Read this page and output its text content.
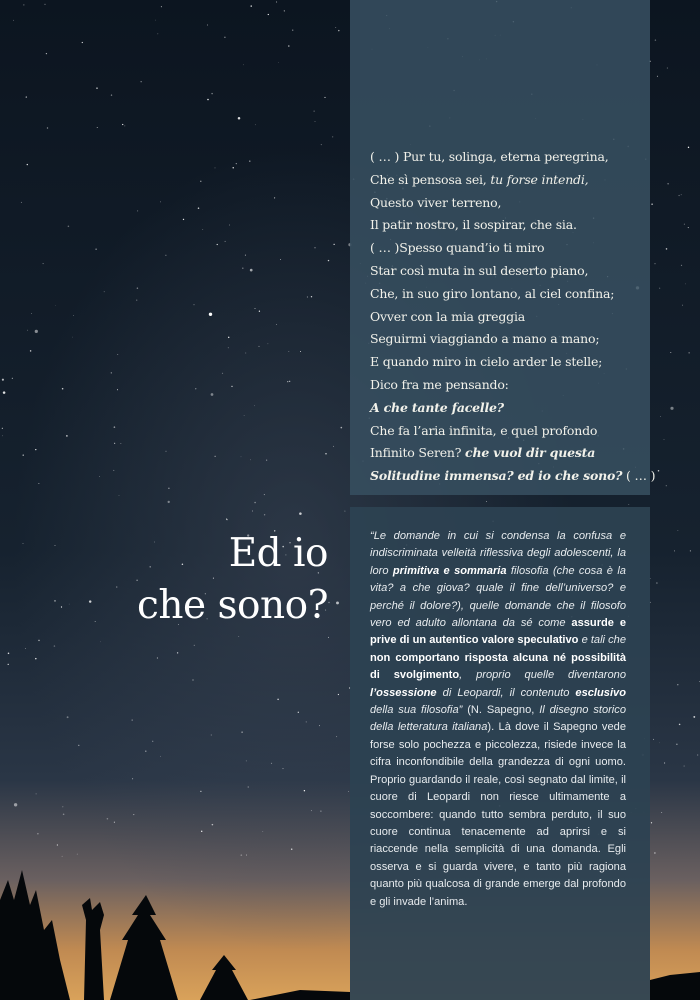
( … ) Pur tu, solinga, eterna peregrina,
Che sì pensosa sei, tu forse intendi,
Questo viver terreno,
Il patir nostro, il sospirar, che sia.
( … )Spesso quand’io ti miro
Star così muta in sul deserto piano,
Che, in suo giro lontano, al ciel confina;
Ovver con la mia greggia
Seguirmi viaggiando a mano a mano;
E quando miro in cielo arder le stelle;
Dico fra me pensando:
A che tante facelle?
Che fa l’aria infinita, e quel profondo
Infinito Seren? che vuol dir questa
Solitudine immensa? ed io che sono? ( … )
Ed io
che sono?
“Le domande in cui si condensa la confusa e indiscriminata velleità riflessiva degli adolescenti, la loro primitiva e sommaria filosofia (che cosa è la vita? a che giova? quale il fine dell’universo? e perché il dolore?), quelle domande che il filosofo vero ed adulto allontana da sé come assurde e prive di un autentico valore speculativo e tali che non comportano risposta alcuna né possibilità di svolgimento, proprio quelle diventarono l’ossessione di Leopardi, il contenuto esclusivo della sua filosofia” (N. Sapegno, Il disegno storico della letteratura italiana). Là dove il Sapegno vede forse solo pochezza e piccolezza, risiede invece la cifra inconfondibile della grandezza di ogni uomo. Proprio guardando il reale, così segnato dal limite, il cuore di Leopardi non riesce ultimamente a soccombere: quando tutto sembra perduto, il suo cuore continua tenacemente ad aprirsi e si riaccende nella semplicità di una domanda. Egli osserva e si guarda vivere, e tanto più ragiona quanto più qualcosa di grande emerge dal profondo e gli invade l’anima.
